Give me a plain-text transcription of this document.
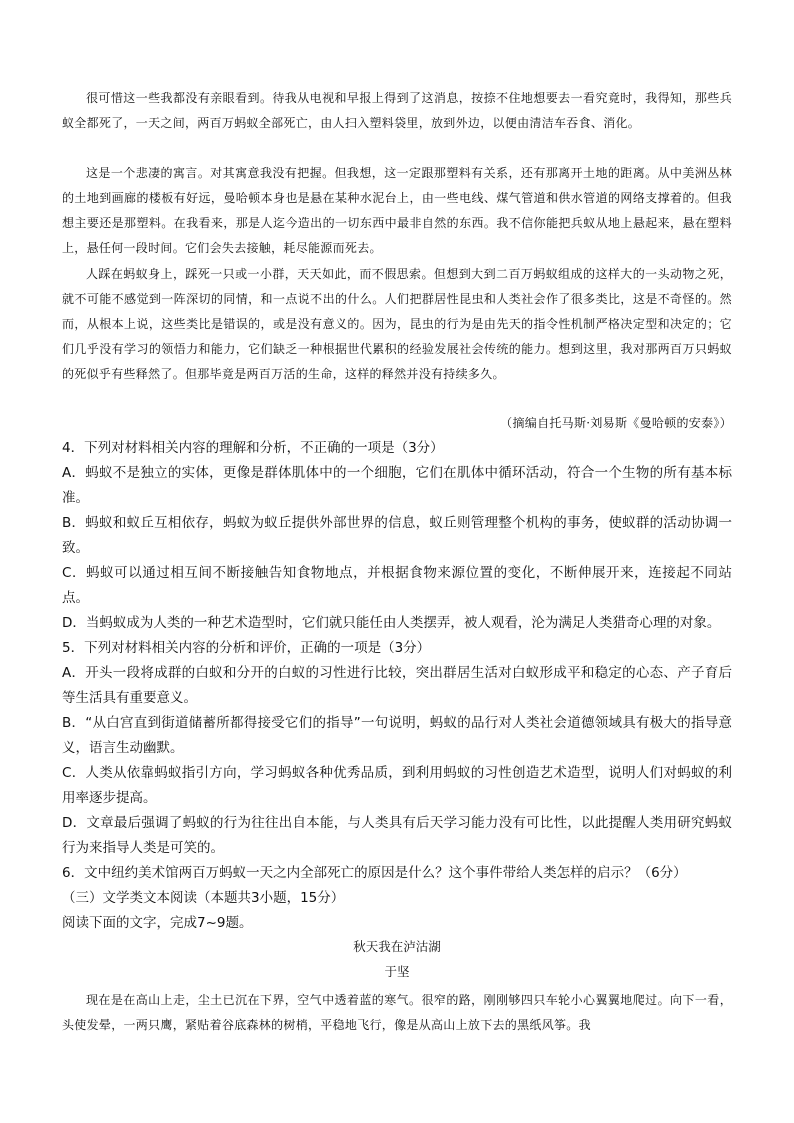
很可惜这一些我都没有亲眼看到。待我从电视和早报上得到了这消息，按捺不住地想要去一看究竟时，我得知，那些兵蚁全都死了，一天之间，两百万蚂蚁全部死亡，由人扫入塑料袋里，放到外边，以便由清洁车吞食、消化。

这是一个悲凄的寓言。对其寓意我没有把握。但我想，这一定跟那塑料有关系，还有那离开土地的距离。从中美洲丛林的土地到画廊的楼板有好远，曼哈顿本身也是悬在某种水泥台上，由一些电线、煤气管道和供水管道的网络支撑着的。但我想主要还是那塑料。在我看来，那是人迄今造出的一切东西中最非自然的东西。我不信你能把兵蚁从地上悬起来，悬在塑料上，悬任何一段时间。它们会失去接触，耗尽能源而死去。

人踩在蚂蚁身上，踩死一只或一小群，天天如此，而不假思索。但想到大到二百万蚂蚁组成的这样大的一头动物之死，就不可能不感觉到一阵深切的同情，和一点说不出的什么。人们把群居性昆虫和人类社会作了很多类比，这是不奇怪的。然而，从根本上说，这些类比是错误的，或是没有意义的。因为，昆虫的行为是由先天的指令性机制严格决定型和决定的；它们几乎没有学习的领悟力和能力，它们缺乏一种根据世代累积的经验发展社会传统的能力。想到这里，我对那两百万只蚂蚁的死似乎有些释然了。但那毕竟是两百万活的生命，这样的释然并没有持续多久。

（摘编自托马斯·刘易斯《曼哈顿的安泰》）

4．下列对材料相关内容的理解和分析，不正确的一项是（3分）

A．蚂蚁不是独立的实体，更像是群体肌体中的一个细胞，它们在肌体中循环活动，符合一个生物的所有基本标准。

B．蚂蚁和蚁丘互相依存，蚂蚁为蚁丘提供外部世界的信息，蚁丘则管理整个机构的事务，使蚁群的活动协调一致。

C．蚂蚁可以通过相互间不断接触告知食物地点，并根据食物来源位置的变化，不断伸展开来，连接起不同站点。

D．当蚂蚁成为人类的一种艺术造型时，它们就只能任由人类摆弄，被人观看，沦为满足人类猎奇心理的对象。

5．下列对材料相关内容的分析和评价，正确的一项是（3分）

A．开头一段将成群的白蚁和分开的白蚁的习性进行比较，突出群居生活对白蚁形成平和稳定的心态、产子育后等生活具有重要意义。

B．“从白宫直到街道储蓄所都得接受它们的指导”一句说明，蚂蚁的品行对人类社会道德领域具有极大的指导意义，语言生动幽默。

C．人类从依靠蚂蚁指引方向，学习蚂蚁各种优秀品质，到利用蚂蚁的习性创造艺术造型，说明人们对蚂蚁的利用率逐步提高。

D．文章最后强调了蚂蚁的行为往往出自本能，与人类具有后天学习能力没有可比性，以此提醒人类用研究蚂蚁行为来指导人类是可笑的。

6．文中纽约美术馆两百万蚂蚁一天之内全部死亡的原因是什么？这个事件带给人类怎样的启示？（6分）

（三）文学类文本阅读（本题共3小题，15分）

阅读下面的文字，完成7~9题。

秋天我在泸沽湖

于坚

现在是在高山上走，尘土已沉在下界，空气中透着蓝的寒气。很窄的路，刚刚够四只车轮小心翼翼地爬过。向下一看，头使发晕，一两只鹰，紧贴着谷底森林的树梢，平稳地飞行，像是从高山上放下去的黑纸风筝。我
